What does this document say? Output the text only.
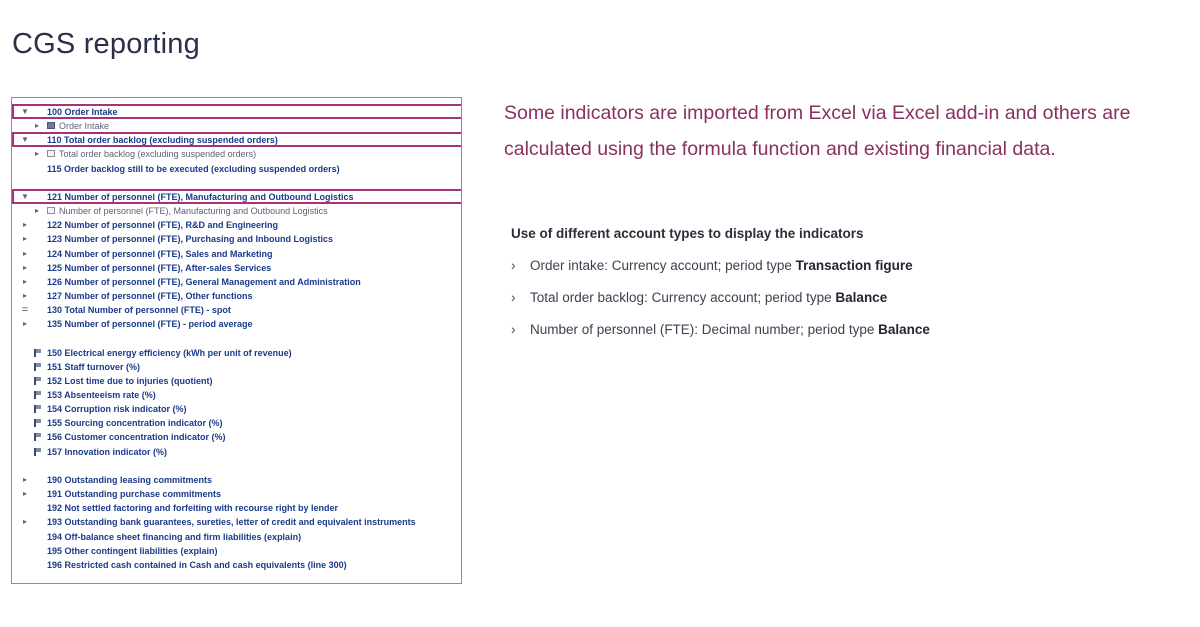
CGS reporting
▼	100 Order Intake
▸ Order Intake
▼	110 Total order backlog (excluding suspended orders)
▸ Total order backlog (excluding suspended orders)
115 Order backlog still to be executed (excluding suspended orders)
▼	121 Number of personnel (FTE), Manufacturing and Outbound Logistics
▸ Number of personnel (FTE), Manufacturing and Outbound Logistics
▸	122 Number of personnel (FTE), R&D and Engineering
▸	123 Number of personnel (FTE), Purchasing and Inbound Logistics
▸	124 Number of personnel (FTE), Sales and Marketing
▸	125 Number of personnel (FTE), After-sales Services
▸	126 Number of personnel (FTE), General Management and Administration
▸	127 Number of personnel (FTE), Other functions
=	130 Total Number of personnel (FTE) - spot
▸	135 Number of personnel (FTE) - period average
150 Electrical energy efficiency (kWh per unit of revenue)
151 Staff turnover (%)
152 Lost time due to injuries (quotient)
153 Absenteeism rate (%)
154 Corruption risk indicator (%)
155 Sourcing concentration indicator (%)
156 Customer concentration indicator (%)
157 Innovation indicator (%)
▸	190 Outstanding leasing commitments
▸	191 Outstanding purchase commitments
192 Not settled factoring and forfeiting with recourse right by lender
▸	193 Outstanding bank guarantees, sureties, letter of credit and equivalent instruments
194 Off-balance sheet financing and firm liabilities (explain)
195 Other contingent liabilities (explain)
196 Restricted cash contained in Cash and cash equivalents (line 300)

Some indicators are imported from Excel via Excel add-in and others are

calculated using the formula function and existing financial data.

Use of different account types to display the indicators
› Order intake: Currency account; period type Transaction figure
› Total order backlog: Currency account; period type Balance
› Number of personnel (FTE): Decimal number; period type Balance
